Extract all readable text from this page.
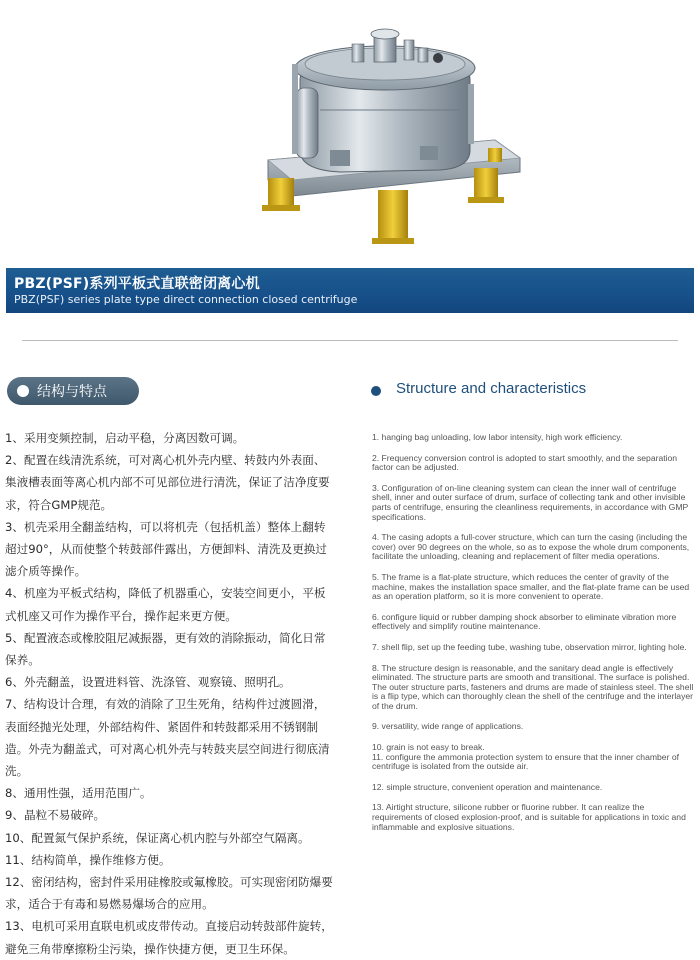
PBZ(PSF)系列平板式直联密闭离心机
PBZ(PSF) series plate type direct connection closed centrifuge
结构与特点	Structure and characteristics
1、采用变频控制，启动平稳，分离因数可调。
2、配置在线清洗系统，可对离心机外壳内壁、转鼓内外表面、集液槽表面等离心机内部不可见部位进行清洗，保证了洁净度要求，符合GMP规范。
3、机壳采用全翻盖结构，可以将机壳（包括机盖）整体上翻转超过90°，从而使整个转鼓部件露出，方便卸料、清洗及更换过滤介质等操作。
4、机座为平板式结构，降低了机器重心，安装空间更小，平板式机座又可作为操作平台，操作起来更方便。
5、配置液态或橡胶阻尼减振器，更有效的消除振动，简化日常保养。
6、外壳翻盖，设置进料管、洗涤管、观察镜、照明孔。
7、结构设计合理，有效的消除了卫生死角，结构件过渡圆滑，表面经抛光处理，外部结构件、紧固件和转鼓都采用不锈钢制造。外壳为翻盖式，可对离心机外壳与转鼓夹层空间进行彻底清洗。
8、通用性强，适用范围广。
9、晶粒不易破碎。
10、配置氮气保护系统，保证离心机内腔与外部空气隔离。
11、结构简单，操作维修方便。
12、密闭结构，密封件采用硅橡胶或氟橡胶。可实现密闭防爆要求，适合于有毒和易燃易爆场合的应用。
13、电机可采用直联电机或皮带传动。直接启动转鼓部件旋转，避免三角带摩擦粉尘污染，操作快捷方便，更卫生环保。
1. hanging bag unloading, low labor intensity, high work efficiency.
2. Frequency conversion control is adopted to start smoothly, and the separation factor can be adjusted.
3. Configuration of on-line cleaning system can clean the inner wall of centrifuge shell, inner and outer surface of drum, surface of collecting tank and other invisible parts of centrifuge, ensuring the cleanliness requirements, in accordance with GMP specifications.
4. The casing adopts a full-cover structure, which can turn the casing (including the cover) over 90 degrees on the whole, so as to expose the whole drum components, facilitate the unloading, cleaning and replacement of filter media operations.
5. The frame is a flat-plate structure, which reduces the center of gravity of the machine, makes the installation space smaller, and the flat-plate frame can be used as an operation platform, so it is more convenient to operate.
6. configure liquid or rubber damping shock absorber to eliminate vibration more effectively and simplify routine maintenance.
7. shell flip, set up the feeding tube, washing tube, observation mirror, lighting hole.
8. The structure design is reasonable, and the sanitary dead angle is effectively eliminated. The structure parts are smooth and transitional. The surface is polished. The outer structure parts, fasteners and drums are made of stainless steel. The shell is a flip type, which can thoroughly clean the shell of the centrifuge and the interlayer of the drum.
9. versatility, wide range of applications.
10. grain is not easy to break.
11. configure the ammonia protection system to ensure that the inner chamber of centrifuge is isolated from the outside air.
12. simple structure, convenient operation and maintenance.
13. Airtight structure, silicone rubber or fluorine rubber. It can realize the requirements of closed explosion-proof, and is suitable for applications in toxic and inflammable and explosive situations.
